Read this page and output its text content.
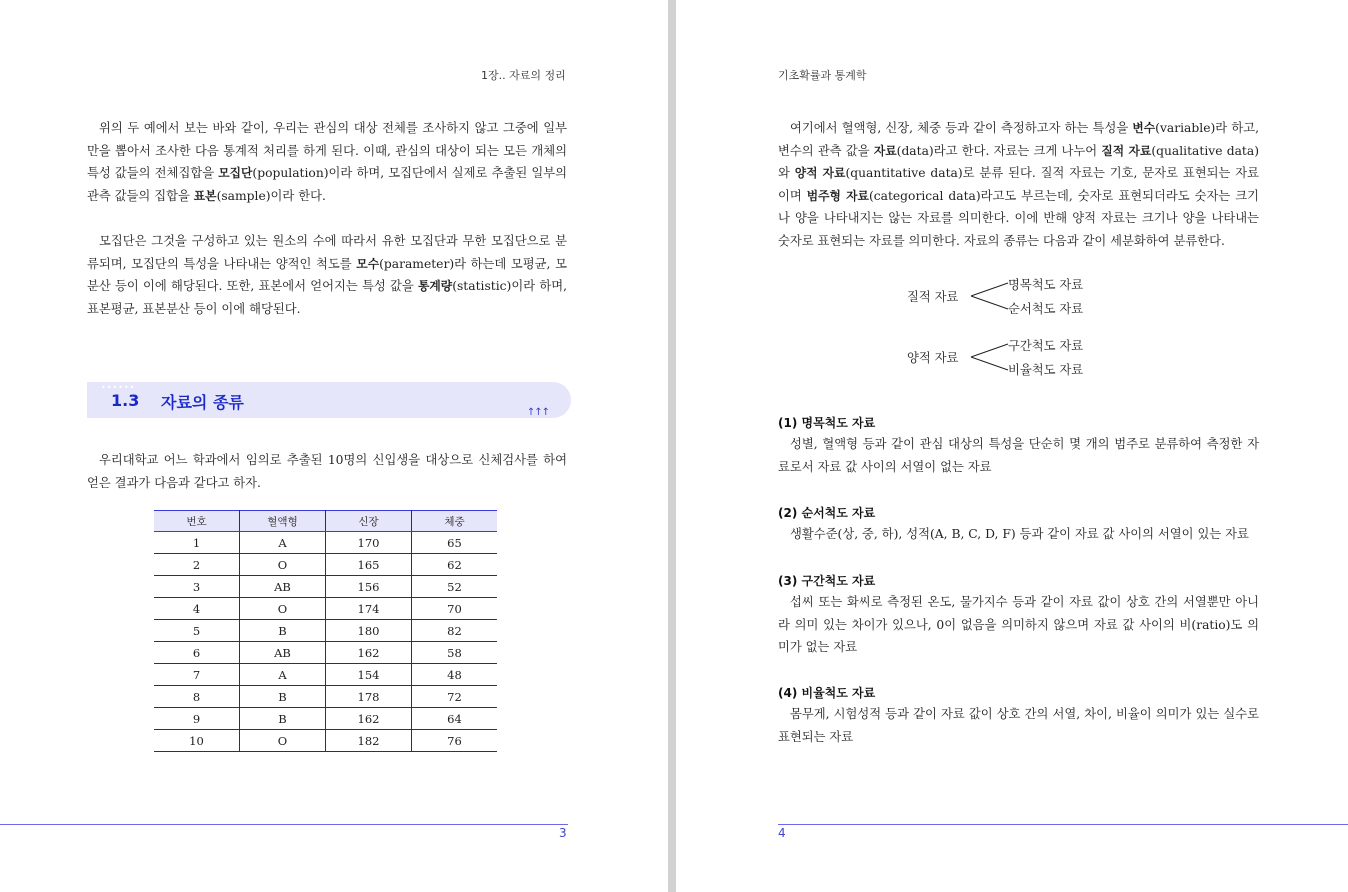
1장.. 자료의 정리

위의 두 예에서 보는 바와 같이, 우리는 관심의 대상 전체를 조사하지 않고 그중에 일부만을 뽑아서 조사한 다음 통계적 처리를 하게 된다. 이때, 관심의 대상이 되는 모든 개체의 특성 값들의 전체집합을 모집단(population)이라 하며, 모집단에서 실제로 추출된 일부의 관측 값들의 집합을 표본(sample)이라 한다.

모집단은 그것을 구성하고 있는 원소의 수에 따라서 유한 모집단과 무한 모집단으로 분류되며, 모집단의 특성을 나타내는 양적인 척도를 모수(parameter)라 하는데 모평균, 모분산 등이 이에 해당된다. 또한, 표본에서 얻어지는 특성 값을 통계량(statistic)이라 하며, 표본평균, 표본분산 등이 이에 해당된다.

••••••
1.3 자료의 종류
↑↑↑

우리대학교 어느 학과에서 임의로 추출된 10명의 신입생을 대상으로 신체검사를 하여 얻은 결과가 다음과 같다고 하자.

번호	혈액형	신장	체중
1	A	170	65
2	O	165	62
3	AB	156	52
4	O	174	70
5	B	180	82
6	AB	162	58
7	A	154	48
8	B	178	72
9	B	162	64
10	O	182	76
3
기초확률과 통계학

여기에서 혈액형, 신장, 체중 등과 같이 측정하고자 하는 특성을 변수(variable)라 하고, 변수의 관측 값을 자료(data)라고 한다. 자료는 크게 나누어 질적 자료(qualitative data)와 양적 자료(quantitative data)로 분류 된다. 질적 자료는 기호, 문자로 표현되는 자료이며 범주형 자료(categorical data)라고도 부르는데, 숫자로 표현되더라도 숫자는 크기나 양을 나타내지는 않는 자료를 의미한다. 이에 반해 양적 자료는 크기나 양을 나타내는 숫자로 표현되는 자료를 의미한다. 자료의 종류는 다음과 같이 세분화하여 분류한다.

질적 자료
명목척도 자료
순서척도 자료
양적 자료
구간척도 자료
비율척도 자료
(1) 명목척도 자료

성별, 혈액형 등과 같이 관심 대상의 특성을 단순히 몇 개의 범주로 분류하여 측정한 자료로서 자료 값 사이의 서열이 없는 자료

(2) 순서척도 자료

생활수준(상, 중, 하), 성적(A, B, C, D, F) 등과 같이 자료 값 사이의 서열이 있는 자료

(3) 구간척도 자료

섭씨 또는 화씨로 측정된 온도, 물가지수 등과 같이 자료 값이 상호 간의 서열뿐만 아니라 의미 있는 차이가 있으나, 0이 없음을 의미하지 않으며 자료 값 사이의 비(ratio)도 의미가 없는 자료

(4) 비율척도 자료

몸무게, 시험성적 등과 같이 자료 값이 상호 간의 서열, 차이, 비율이 의미가 있는 실수로 표현되는 자료

4
